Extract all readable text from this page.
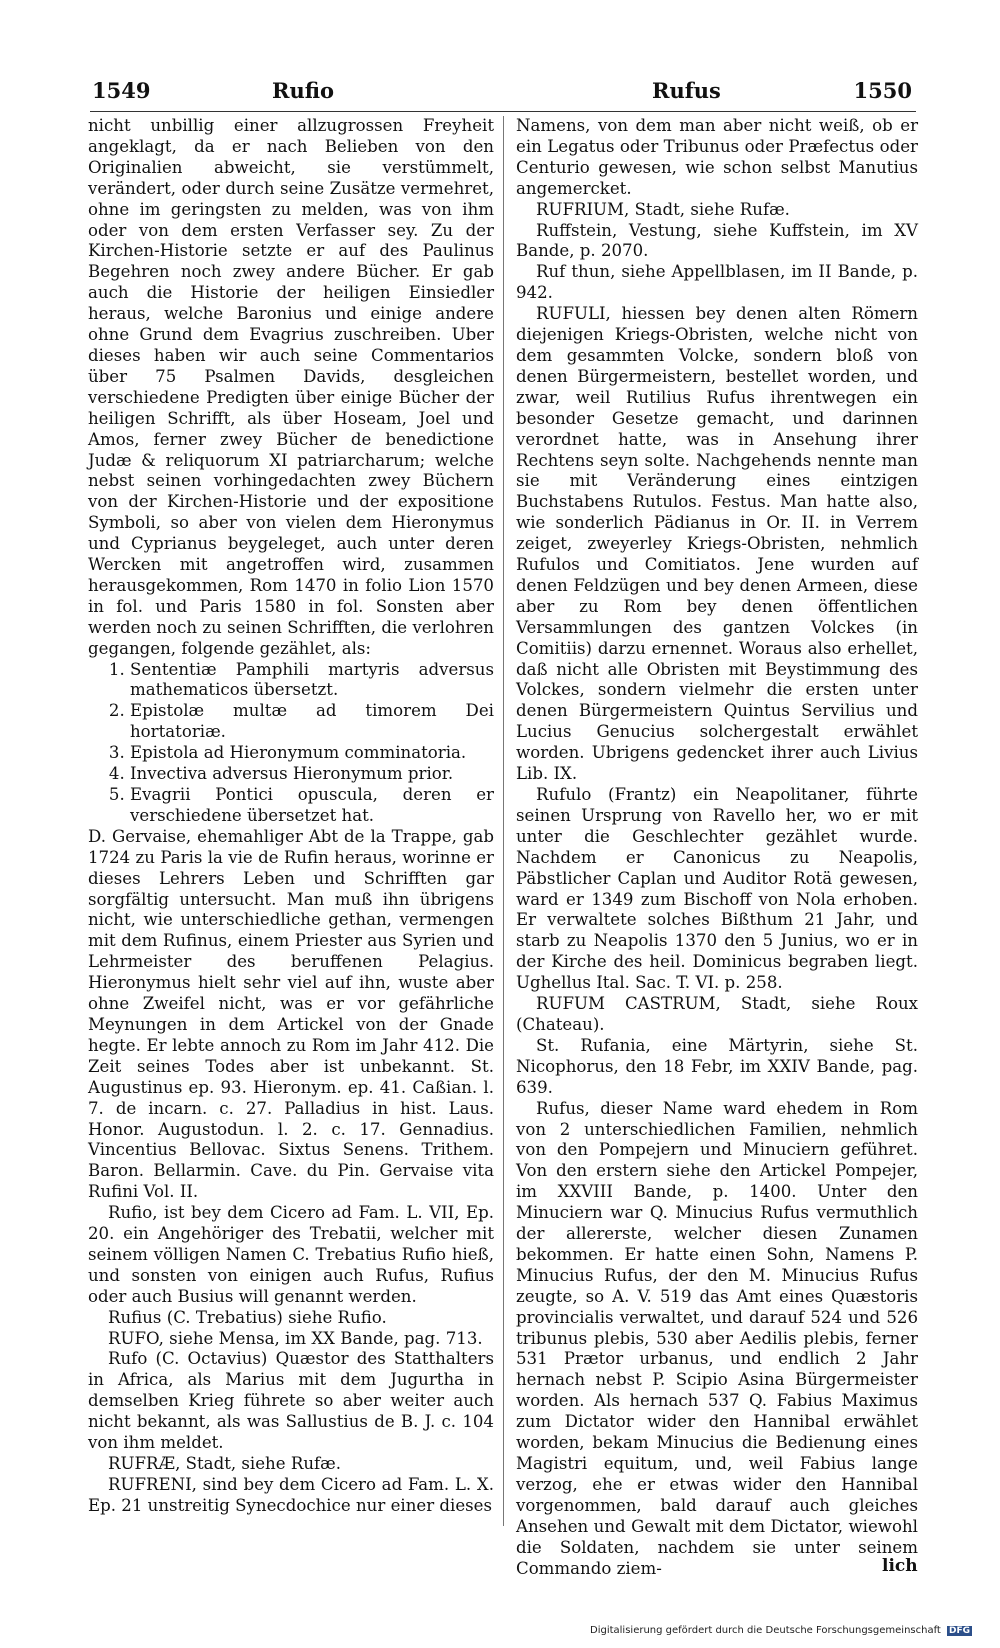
1549	Rufio	Rufus	1550

nicht unbillig einer allzugrossen Freyheit angeklagt, da er nach Belieben von den Originalien abweicht, sie verstümmelt, verändert, oder durch seine Zusätze vermehret, ohne im geringsten zu melden, was von ihm oder von dem ersten Verfasser sey. Zu der Kirchen-Historie setzte er auf des Paulinus Begehren noch zwey andere Bücher. Er gab auch die Historie der heiligen Einsiedler heraus, welche Baronius und einige andere ohne Grund dem Evagrius zuschreiben. Uber dieses haben wir auch seine Commentarios über 75 Psalmen Davids, desgleichen verschiedene Predigten über einige Bücher der heiligen Schrifft, als über Hoseam, Joel und Amos, ferner zwey Bücher de benedictione Judæ & reliquorum XI patriarcharum; welche nebst seinen vorhingedachten zwey Büchern von der Kirchen-Historie und der expositione Symboli, so aber von vielen dem Hieronymus und Cyprianus beygeleget, auch unter deren Wercken mit angetroffen wird, zusammen herausgekommen, Rom 1470 in folio Lion 1570 in fol. und Paris 1580 in fol. Sonsten aber werden noch zu seinen Schrifften, die verlohren gegangen, folgende gezählet, als:

1. Sententiæ Pamphili martyris adversus mathematicos übersetzt.
2. Epistolæ multæ ad timorem Dei hortatoriæ.
3. Epistola ad Hieronymum comminatoria.
4. Invectiva adversus Hieronymum prior.
5. Evagrii Pontici opuscula, deren er verschiedene übersetzet hat.

D. Gervaise, ehemahliger Abt de la Trappe, gab 1724 zu Paris la vie de Rufin heraus, worinne er dieses Lehrers Leben und Schrifften gar sorgfältig untersucht. Man muß ihn übrigens nicht, wie unterschiedliche gethan, vermengen mit dem Rufinus, einem Priester aus Syrien und Lehrmeister des beruffenen Pelagius. Hieronymus hielt sehr viel auf ihn, wuste aber ohne Zweifel nicht, was er vor gefährliche Meynungen in dem Artickel von der Gnade hegte. Er lebte annoch zu Rom im Jahr 412. Die Zeit seines Todes aber ist unbekannt. St. Augustinus ep. 93. Hieronym. ep. 41. Caßian. l. 7. de incarn. c. 27. Palladius in hist. Laus. Honor. Augustodun. l. 2. c. 17. Gennadius. Vincentius Bellovac. Sixtus Senens. Trithem. Baron. Bellarmin. Cave. du Pin. Gervaise vita Rufini Vol. II.

Rufio, ist bey dem Cicero ad Fam. L. VII, Ep. 20. ein Angehöriger des Trebatii, welcher mit seinem völligen Namen C. Trebatius Rufio hieß, und sonsten von einigen auch Rufus, Rufius oder auch Busius will genannt werden.

Rufius (C. Trebatius) siehe Rufio.

RUFO, siehe Mensa, im XX Bande, pag. 713.

Rufo (C. Octavius) Quæstor des Statthalters in Africa, als Marius mit dem Jugurtha in demselben Krieg führete so aber weiter auch nicht bekannt, als was Sallustius de B. J. c. 104 von ihm meldet.

RUFRÆ, Stadt, siehe Rufæ.

RUFRENI, sind bey dem Cicero ad Fam. L. X. Ep. 21 unstreitig Synecdochice nur einer dieses

Namens, von dem man aber nicht weiß, ob er ein Legatus oder Tribunus oder Præfectus oder Centurio gewesen, wie schon selbst Manutius angemercket.

RUFRIUM, Stadt, siehe Rufæ.

Ruffstein, Vestung, siehe Kuffstein, im XV Bande, p. 2070.

Ruf thun, siehe Appellblasen, im II Bande, p. 942.

RUFULI, hiessen bey denen alten Römern diejenigen Kriegs-Obristen, welche nicht von dem gesammten Volcke, sondern bloß von denen Bürgermeistern, bestellet worden, und zwar, weil Rutilius Rufus ihrentwegen ein besonder Gesetze gemacht, und darinnen verordnet hatte, was in Ansehung ihrer Rechtens seyn solte. Nachgehends nennte man sie mit Veränderung eines eintzigen Buchstabens Rutulos. Festus. Man hatte also, wie sonderlich Pädianus in Or. II. in Verrem zeiget, zweyerley Kriegs-Obristen, nehmlich Rufulos und Comitiatos. Jene wurden auf denen Feldzügen und bey denen Armeen, diese aber zu Rom bey denen öffentlichen Versammlungen des gantzen Volckes (in Comitiis) darzu ernennet. Woraus also erhellet, daß nicht alle Obristen mit Beystimmung des Volckes, sondern vielmehr die ersten unter denen Bürgermeistern Quintus Servilius und Lucius Genucius solchergestalt erwählet worden. Ubrigens gedencket ihrer auch Livius Lib. IX.

Rufulo (Frantz) ein Neapolitaner, führte seinen Ursprung von Ravello her, wo er mit unter die Geschlechter gezählet wurde. Nachdem er Canonicus zu Neapolis, Päbstlicher Caplan und Auditor Rotä gewesen, ward er 1349 zum Bischoff von Nola erhoben. Er verwaltete solches Bißthum 21 Jahr, und starb zu Neapolis 1370 den 5 Junius, wo er in der Kirche des heil. Dominicus begraben liegt. Ughellus Ital. Sac. T. VI. p. 258.

RUFUM CASTRUM, Stadt, siehe Roux (Chateau).

St. Rufania, eine Märtyrin, siehe St. Nicophorus, den 18 Febr, im XXIV Bande, pag. 639.

Rufus, dieser Name ward ehedem in Rom von 2 unterschiedlichen Familien, nehmlich von den Pompejern und Minuciern geführet. Von den erstern siehe den Artickel Pompejer, im XXVIII Bande, p. 1400. Unter den Minuciern war Q. Minucius Rufus vermuthlich der allererste, welcher diesen Zunamen bekommen. Er hatte einen Sohn, Namens P. Minucius Rufus, der den M. Minucius Rufus zeugte, so A. V. 519 das Amt eines Quæstoris provincialis verwaltet, und darauf 524 und 526 tribunus plebis, 530 aber Aedilis plebis, ferner 531 Prætor urbanus, und endlich 2 Jahr hernach nebst P. Scipio Asina Bürgermeister worden. Als hernach 537 Q. Fabius Maximus zum Dictator wider den Hannibal erwählet worden, bekam Minucius die Bedienung eines Magistri equitum, und, weil Fabius lange verzog, ehe er etwas wider den Hannibal vorgenommen, bald darauf auch gleiches Ansehen und Gewalt mit dem Dictator, wiewohl die Soldaten, nachdem sie unter seinem Commando ziem-	lich
Digitalisierung gefördert durch die Deutsche Forschungsgemeinschaft DFG
